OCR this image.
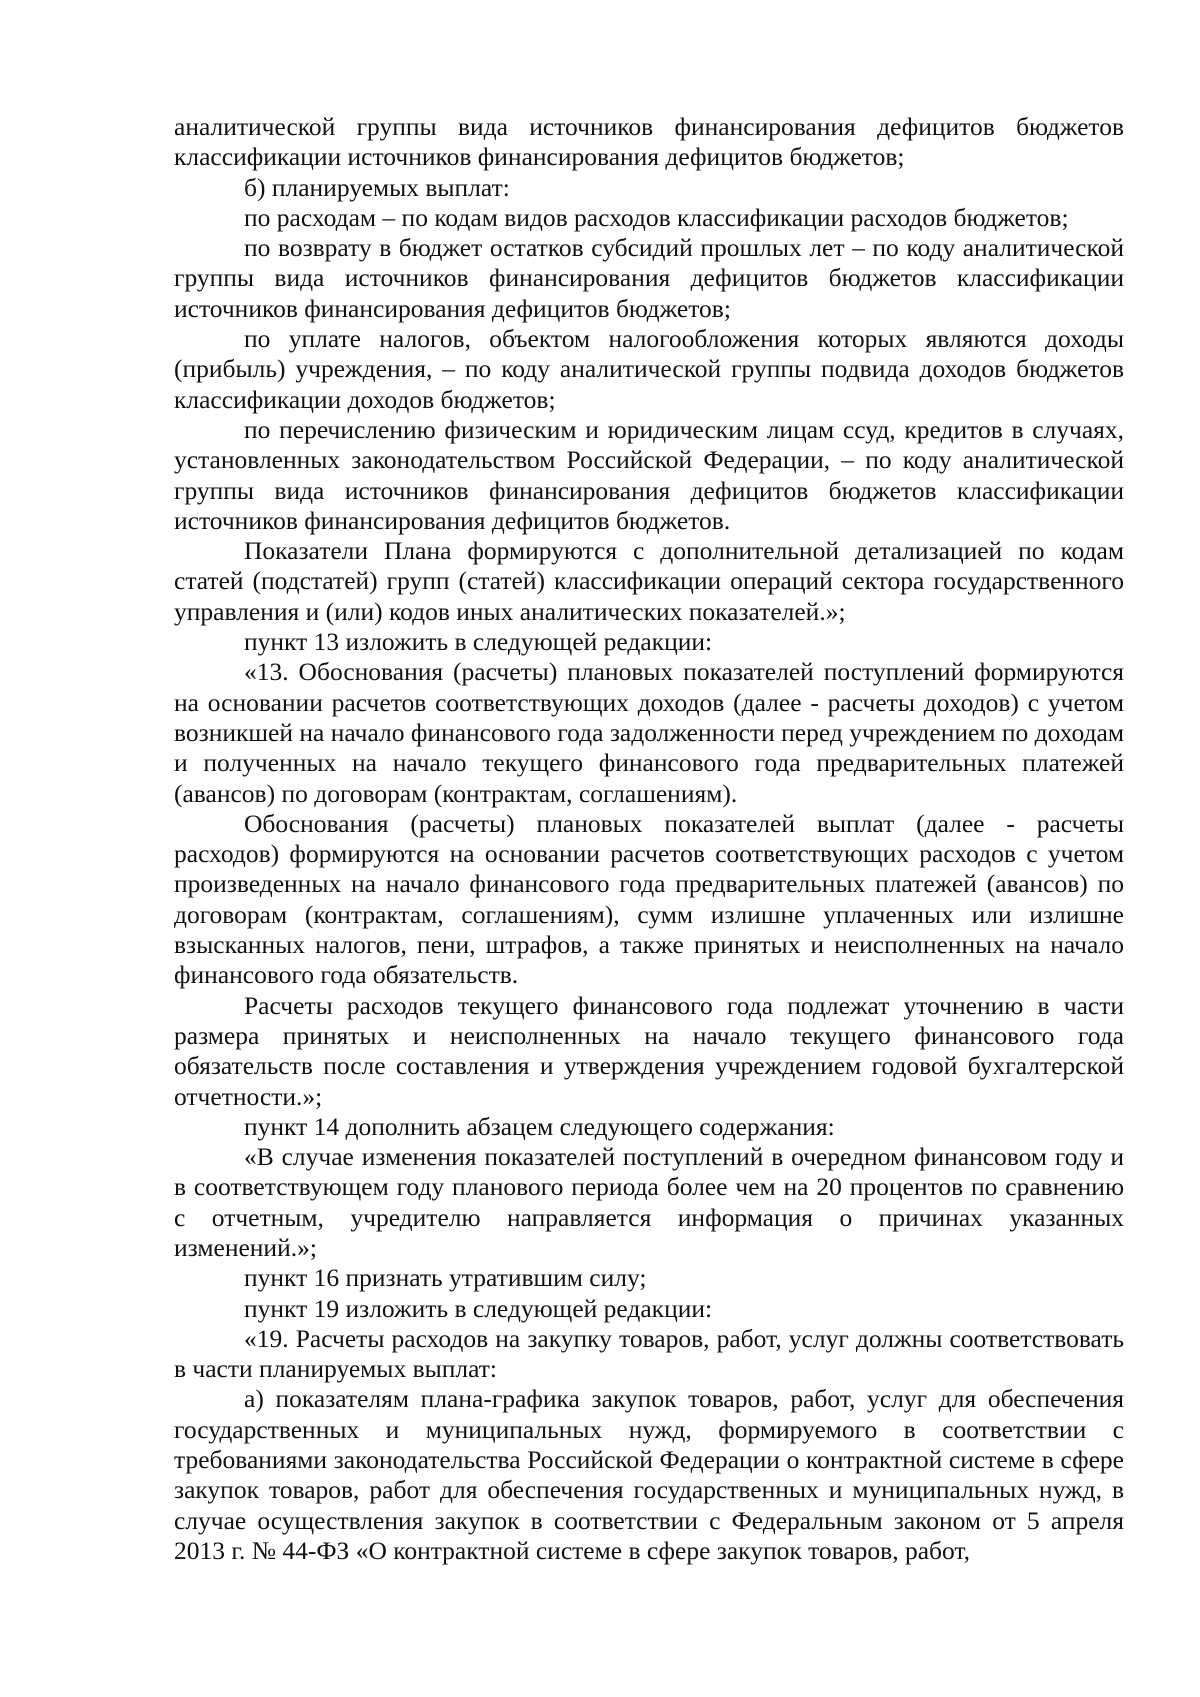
аналитической группы вида источников финансирования дефицитов бюджетов классификации источников финансирования дефицитов бюджетов;

б) планируемых выплат:

по расходам – по кодам видов расходов классификации расходов бюджетов;

по возврату в бюджет остатков субсидий прошлых лет – по коду аналитической группы вида источников финансирования дефицитов бюджетов классификации источников финансирования дефицитов бюджетов;

по уплате налогов, объектом налогообложения которых являются доходы (прибыль) учреждения, – по коду аналитической группы подвида доходов бюджетов классификации доходов бюджетов;

по перечислению физическим и юридическим лицам ссуд, кредитов в случаях, установленных законодательством Российской Федерации, – по коду аналитической группы вида источников финансирования дефицитов бюджетов классификации источников финансирования дефицитов бюджетов.

Показатели Плана формируются с дополнительной детализацией по кодам статей (подстатей) групп (статей) классификации операций сектора государственного управления и (или) кодов иных аналитических показателей.»;

пункт 13 изложить в следующей редакции:

«13. Обоснования (расчеты) плановых показателей поступлений формируются на основании расчетов соответствующих доходов (далее - расчеты доходов) с учетом возникшей на начало финансового года задолженности перед учреждением по доходам и полученных на начало текущего финансового года предварительных платежей (авансов) по договорам (контрактам, соглашениям).

Обоснования (расчеты) плановых показателей выплат (далее - расчеты расходов) формируются на основании расчетов соответствующих расходов с учетом произведенных на начало финансового года предварительных платежей (авансов) по договорам (контрактам, соглашениям), сумм излишне уплаченных или излишне взысканных налогов, пени, штрафов, а также принятых и неисполненных на начало финансового года обязательств.

Расчеты расходов текущего финансового года подлежат уточнению в части размера принятых и неисполненных на начало текущего финансового года обязательств после составления и утверждения учреждением годовой бухгалтерской отчетности.»;

пункт 14 дополнить абзацем следующего содержания:

«В случае изменения показателей поступлений в очередном финансовом году и в соответствующем году планового периода более чем на 20 процентов по сравнению с отчетным, учредителю направляется информация о причинах указанных изменений.»;

пункт 16 признать утратившим силу;

пункт 19 изложить в следующей редакции:

«19. Расчеты расходов на закупку товаров, работ, услуг должны соответствовать в части планируемых выплат:

а) показателям плана-графика закупок товаров, работ, услуг для обеспечения государственных и муниципальных нужд, формируемого в соответствии с требованиями законодательства Российской Федерации о контрактной системе в сфере закупок товаров, работ для обеспечения государственных и муниципальных нужд, в случае осуществления закупок в соответствии с Федеральным законом от 5 апреля 2013 г. № 44-ФЗ «О контрактной системе в сфере закупок товаров, работ,
